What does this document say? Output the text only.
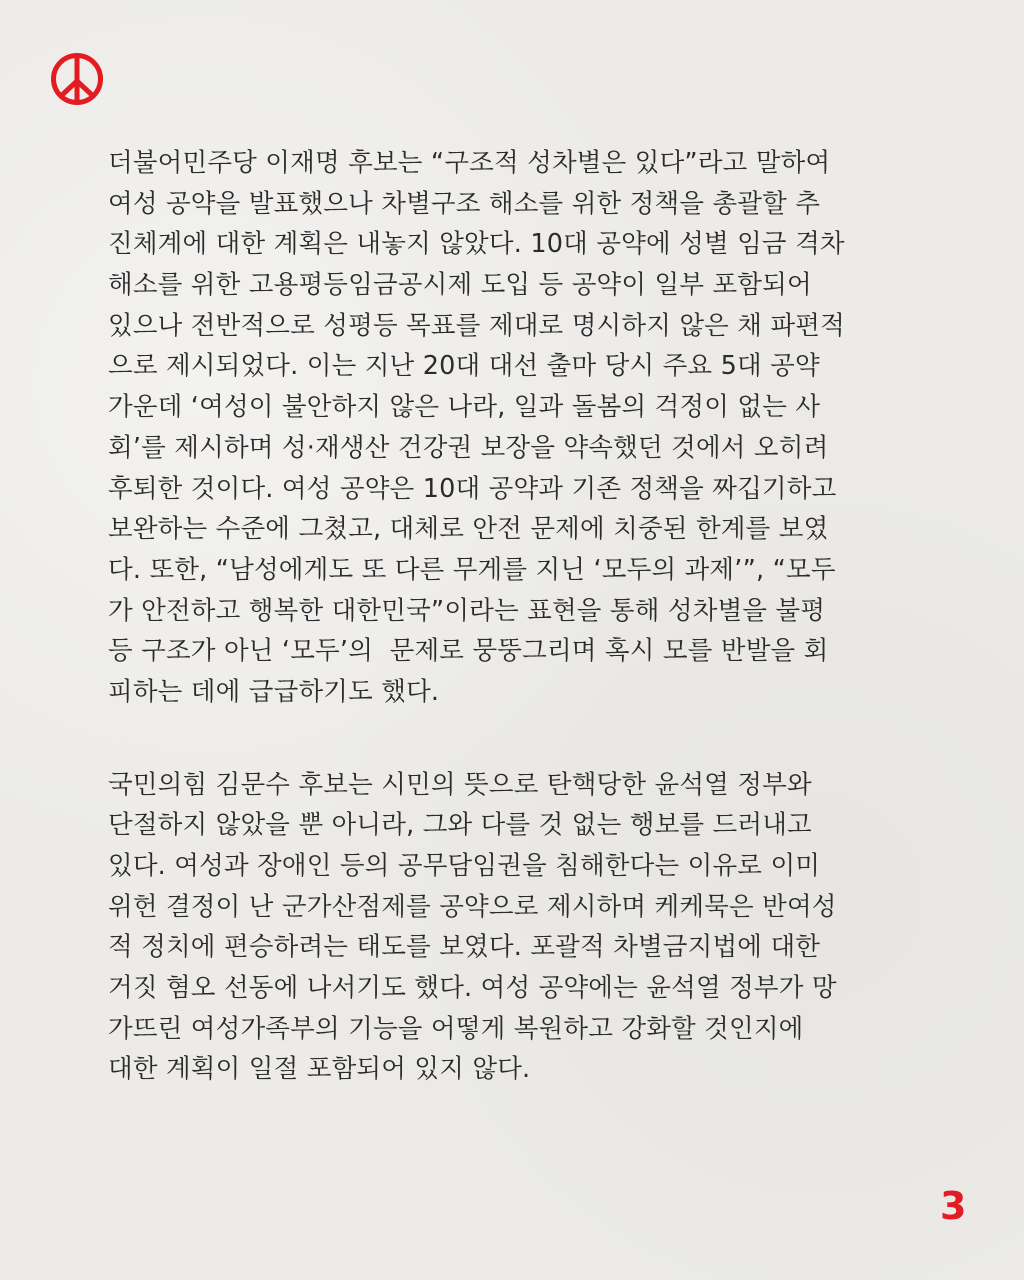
더불어민주당 이재명 후보는 “구조적 성차별은 있다”라고 말하여
여성 공약을 발표했으나 차별구조 해소를 위한 정책을 총괄할 추
진체계에 대한 계획은 내놓지 않았다. 10대 공약에 성별 임금 격차
해소를 위한 고용평등임금공시제 도입 등 공약이 일부 포함되어
있으나 전반적으로 성평등 목표를 제대로 명시하지 않은 채 파편적
으로 제시되었다. 이는 지난 20대 대선 출마 당시 주요 5대 공약
가운데 ‘여성이 불안하지 않은 나라, 일과 돌봄의 걱정이 없는 사
회’를 제시하며 성·재생산 건강권 보장을 약속했던 것에서 오히려
후퇴한 것이다. 여성 공약은 10대 공약과 기존 정책을 짜깁기하고
보완하는 수준에 그쳤고, 대체로 안전 문제에 치중된 한계를 보였
다. 또한, “남성에게도 또 다른 무게를 지닌 ‘모두의 과제’”, “모두
가 안전하고 행복한 대한민국”이라는 표현을 통해 성차별을 불평
등 구조가 아닌 ‘모두’의  문제로 뭉뚱그리며 혹시 모를 반발을 회
피하는 데에 급급하기도 했다.
국민의힘 김문수 후보는 시민의 뜻으로 탄핵당한 윤석열 정부와
단절하지 않았을 뿐 아니라, 그와 다를 것 없는 행보를 드러내고
있다. 여성과 장애인 등의 공무담임권을 침해한다는 이유로 이미
위헌 결정이 난 군가산점제를 공약으로 제시하며 케케묵은 반여성
적 정치에 편승하려는 태도를 보였다. 포괄적 차별금지법에 대한
거짓 혐오 선동에 나서기도 했다. 여성 공약에는 윤석열 정부가 망
가뜨린 여성가족부의 기능을 어떻게 복원하고 강화할 것인지에
대한 계획이 일절 포함되어 있지 않다.
3
